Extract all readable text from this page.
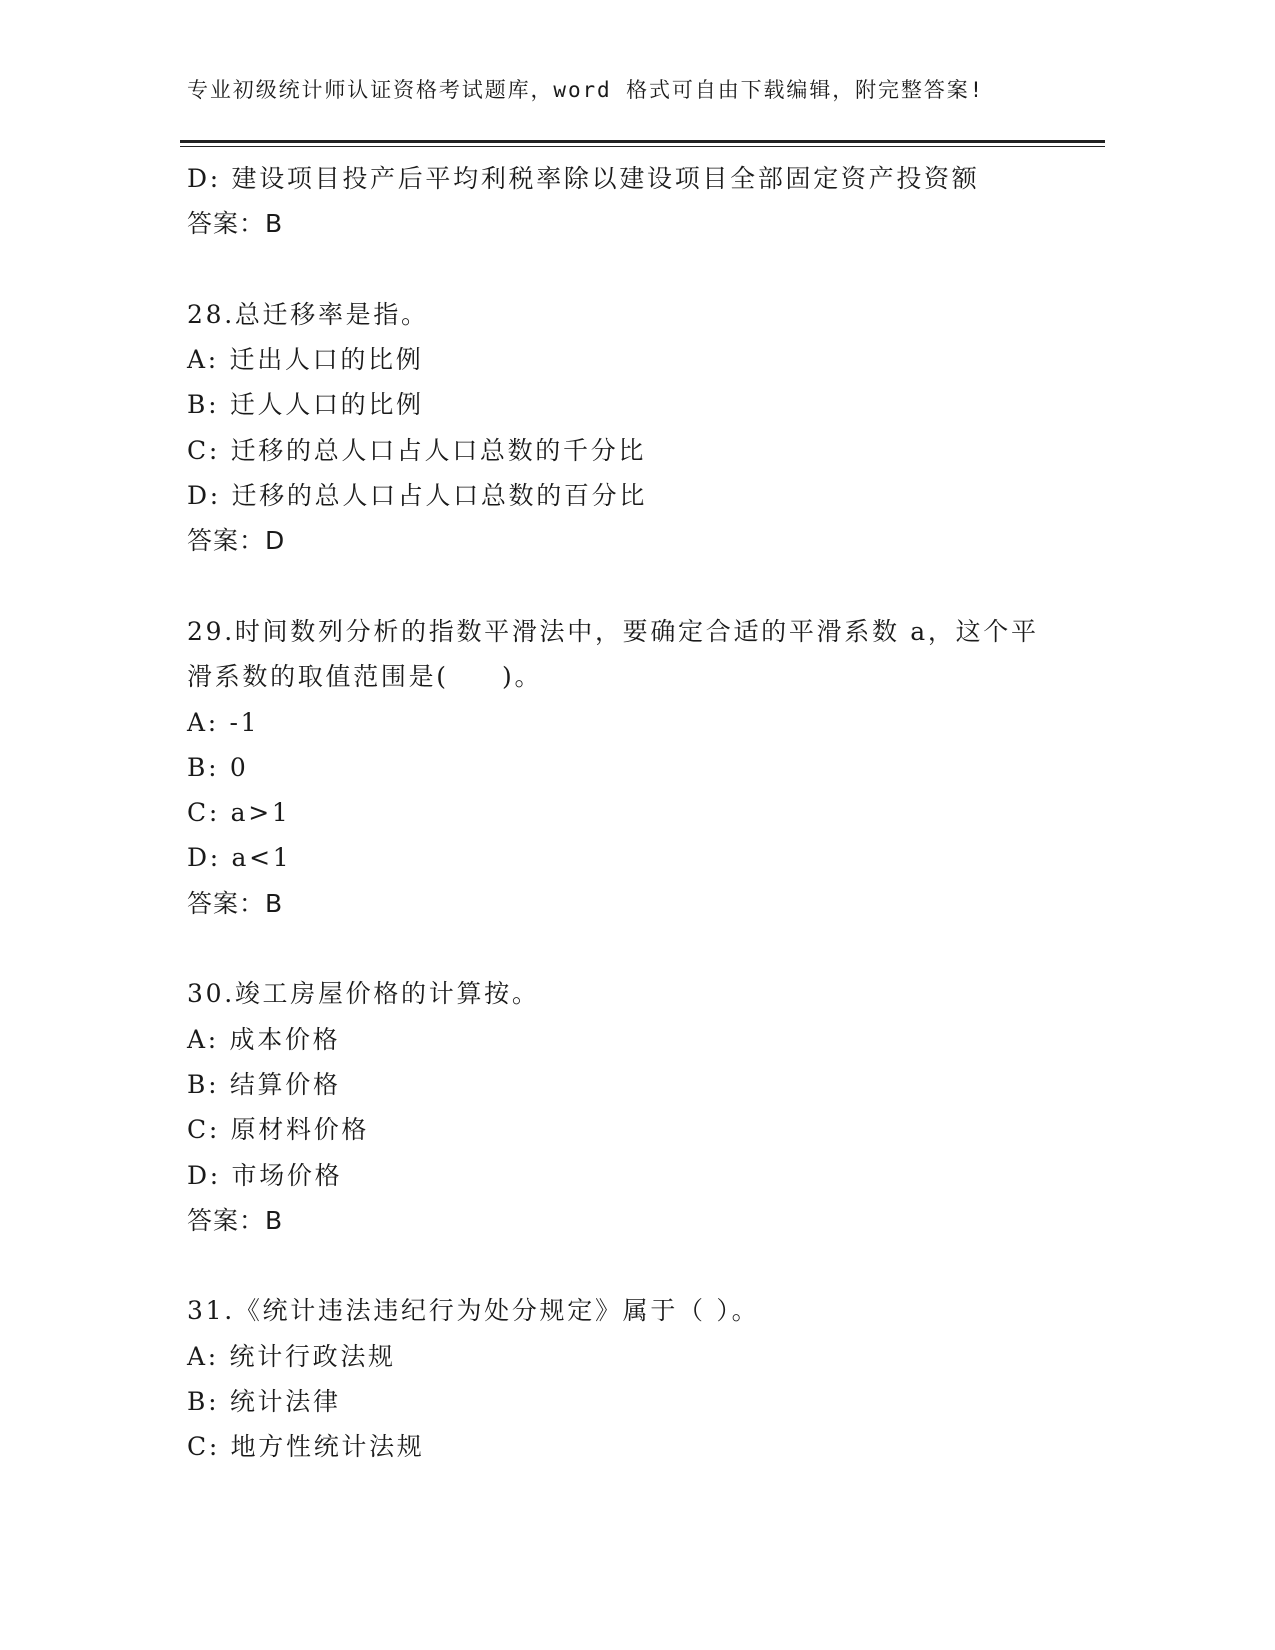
专业初级统计师认证资格考试题库，word 格式可自由下载编辑，附完整答案!
D: 建设项目投产后平均利税率除以建设项目全部固定资产投资额
答案：B
28.总迁移率是指。
A: 迁出人口的比例
B: 迁人人口的比例
C: 迁移的总人口占人口总数的千分比
D: 迁移的总人口占人口总数的百分比
答案：D
29.时间数列分析的指数平滑法中，要确定合适的平滑系数 a，这个平
滑系数的取值范围是(     )。
A: -1
B: 0
C: a>1
D: a<1
答案：B
30.竣工房屋价格的计算按。
A: 成本价格
B: 结算价格
C: 原材料价格
D: 市场价格
答案：B
31.《统计违法违纪行为处分规定》属于（ ）。
A: 统计行政法规
B: 统计法律
C: 地方性统计法规
